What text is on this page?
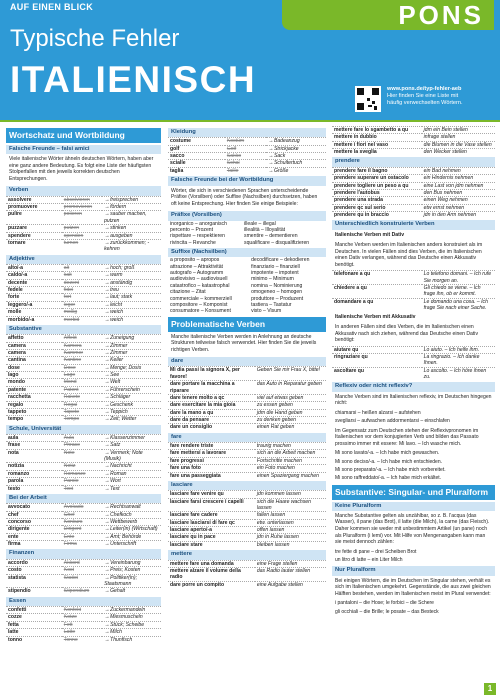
AUF EINEN BLICK
Typische Fehler
ITALIENISCH
PONS
www.pons.de/typ-fehler-aeb
Hier finden Sie eine Liste mit
häufig verwechselten Wörtern.
Wortschatz und Wortbildung
Falsche Freunde – falsi amici
Viele italienische Wörter ähneln deutschen Wörtern, haben aber eine ganz andere Bedeutung. Es folgt eine Liste der häufigsten Stolperfallen mit den jeweils korrekten deutschen Entsprechungen.
Verben
assolvere	absolvieren	→freisprechen
promuovere	promovieren	→fördern
pulire	polieren	→sauber machen, putzen
puzzare	putzen	→stinken
spendere	spenden	→ausgeben
tornare	turnen	→zurückkommen; -kehren
Adjektive
alto/-a	alt	→hoch; groß
caldo/-a	kalt	→warm
decente	dezent	→anständig
fedele	fidel	→treu
forte	fort	→laut; stark
leggero/-a	leger	→leicht
molle	mollig	→weich
morbido/-a	morbid	→weich
Substantive
affetto	Affekt	→Zuneigung
camera	Kamera	→Zimmer
camera	Kammer	→Zimmer
cantina	Kantine	→Keller
dose	Dose	→Menge; Dosis
lago	Lage	→See
mondo	Mond	→Welt
patente	Patent	→Führerschein
racchetta	Rakete	→Schläger
regalo	Regal	→Geschenk
tappeto	Tapete	→Teppich
tempo	Tempo	→Zeit; Wetter
Schule, Universität
aula	Aula	→Klassenzimmer
frase	Phrase	→Satz
nota	Note	→Vermerk; Note (Musik)
notizia	Notiz	→Nachricht
romanzo	Romanze	→Roman
parola	Parole	→Wort
testo	Text	→Text
Bei der Arbeit
avvocato	Avokado	→Rechtsanwalt
chef	Chef	→Chefkoch
concorso	Konkurs	→Wettbewerb
dirigente	Dirigent	→Leiter(in) (Wirtschaft)
ente	Ente	→Amt; Behörde
firma	Firma	→Unterschrift
Finanzen
accordo	Akkord	→Vereinbarung
costo	Kost	→Preis; Kosten
statista	Statist	→Politiker(in); Staatsmann
stipendio	Stipendium	→Gehalt
Essen
confetti	Konfekt	→Zuckermandeln
cozze	Kotze	→Miesmuscheln
fetta	Fett	→Stück; Scheibe
latte	Latte	→Milch
tonno	Tonne	→Thunfisch
Kleidung
costume	Kostüm	→Badeanzug
golf	Golf	→Strickjacke
sacco	Sakko	→Sack
scialle	Schal	→Schultertuch
taglia	Taille	→Größe
Falsche Freunde bei der Wortbildung
Wörter, die sich in verschiedenen Sprachen unterscheidende Präfixe (Vorsilben) oder Suffixe (Nachsilben) durchsetzen, haben oft keine Entsprechung. Hier finden Sie einige Beispiele:
Präfixe (Vorsilben)
inorganico – anorganisch	illeale – illegal
percento – Prozent	illealità – Illoyalität
rispettare – respektieren	smentire – dementieren
rivincita – Revanche	squalificare – disqualifizieren
Suffixe (Nachsilben)
a proposito – apropos	decodificare – dekodieren
attrazione – Attraktivität	finanziario – finanziell
autografo – Autogramm	impotente – impotent
audiovisivo – audiovisuell	minimo – Minimum
catastrofico – katastrophal	nomina – Nominierung
citazione – Zitat	omogeneo – homogen
commerciale – kommerziell	produttore – Produzent
compositore – Komponist	tastiera – Tastatur
consumatore – Konsument	visto – Visum
Problematische Verben
Manche italienische Verben werden in Anlehnung an deutsche Strukturen teilweise falsch verwendet. Hier finden Sie die jeweils richtigen Verben.
dare
Mi dia passi la signora X, per favore!	Geben Sie mir Frau X, bitte!
dare portare la macchina a riparare	das Auto in Reparatur geben
dare tenere molto a qc	viel auf etwas geben
dare esercitare la mia gioia	zu essen geben
dare la mano a qu	jdm die Hand geben
dare da pensare	zu denken geben
dare un consiglio	einen Rat geben
fare
fare rendere triste	traurig machen
fare mettersi a lavorare	sich an die Arbeit machen
fare progressi	Fortschritte machen
fare una foto	ein Foto machen
fare una passeggiata	einen Spaziergang machen
lasciare
lasciare fare venire qu	jdn kommen lassen
lasciare farsi crescere i capelli	sich die Haare wachsen lassen
lasciare fare cadere	fallen lassen
lasciare lasciarsi di fare qc	etw. unterlassen
lasciare aperto/-a	offen lassen
lasciare qu in pace	jdn in Ruhe lassen
lasciare stare	bleiben lassen
mettere
mettere fare una domanda	eine Frage stellen
mettere alzare il volume della radio	das Radio lauter stellen
dare porre un compito	eine Aufgabe stellen
mettere fare lo sgambetto a qu	jdm ein Bein stellen
mettere in dubbio	infrage stellen
mettere i fiori nel vaso	die Blumen in die Vase stellen
mettere la sveglia	den Wecker stellen
prendere
prendere fare il bagno	ein Bad nehmen
prendere superare un ostacolo	ein Hindernis nehmen
prendere togliere un peso a qu	eine Last von jdm nehmen
prendere l'autobus	den Bus nehmen
prendere una strada	einen Weg nehmen
prendere qc sul serio	etw ernst nehmen
prendere qu in braccio	jdn in den Arm nehmen
Unterschiedlich konstruierte Verben
Italienische Verben mit Dativ
Manche Verben werden im Italienischen anders konstruiert als im Deutschen. In vielen Fällen sind dies Verben, die im Italienischen einen Dativ verlangen, während das Deutsche einen Akkusativ benötigt.
telefonare a qu	Lo telefono domani. – Ich rufe Sie morgen an.
chiedere a qu	Gli chiedo se viene. – Ich frage ihn, ob er kommt.
domandare a qu	Le domando una cosa. – Ich frage Sie nach einer Sache.
Italienische Verben mit Akkusativ
In anderen Fällen sind dies Verben, die im Italienischen einen Akkusativ nach sich ziehen, während das Deutsche einen Dativ benötigt:
aiutare qu	Lo aiuto. – Ich helfe ihm.
ringraziare qu	La ringrazio. – Ich danke Ihnen.
ascoltare qu	Lo ascolto. – Ich höre ihnen zu.
Reflexiv oder nicht reflexiv?
Manche Verben sind im Italienischen reflexiv, im Deutschen hingegen nicht:
chiamarsi – heißen alzarsi – aufstehen
svegliarsi – aufwachen addormentarsi – einschlafen
Im Gegensatz zum Deutschen stehen der Reflexivpronomen im Italienischen vor dem konjugierten Verb und bilden das Passato prossimo immer mit essere: Mi lavo. – Ich wasche mich.
Mi sono lavato/-a. – Ich habe mich gewaschen.
Mi sono deciso/-a. – Ich habe mich entschieden.
Mi sono preparato/-a. – Ich habe mich vorbereitet.
Mi sono raffreddato/-a. – Ich habe mich erkältet.
Substantive: Singular- und Pluralform
Keine Pluralform
Manche Substantive gelten als unzählbar, so z. B. l'acqua (das Wasser), il pane (das Brot), il latte (die Milch), la carne (das Fleisch). Daher kommen sie weder mit unbestimmtem Artikel (un pane) noch als Pluralform (i lemi) vor. Mit Hilfe von Mengenangaben kann man sie meist dennoch zählen:
tre fette di pane – drei Scheiben Brot
un litro di latte – ein Liter Milch
Nur Pluralform
Bei einigen Wörtern, die im Deutschen im Singular stehen, verhält es sich im Italienischen umgekehrt. Gegenstände, die aus zwei gleichen Hälften bestehen, werden im Italienischen meist im Plural verwendet:
i pantaloni – die Hose; le forbici – die Schere
gli occhiali – die Brille; le posate – das Besteck
1
